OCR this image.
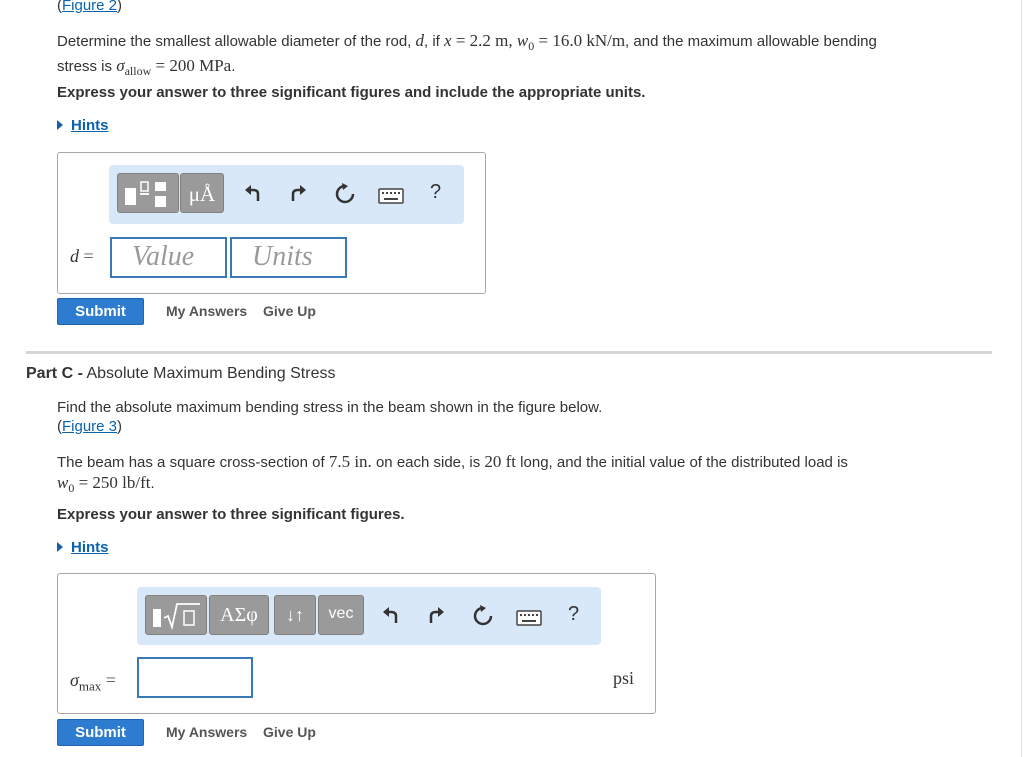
(Figure 2)
Determine the smallest allowable diameter of the rod, d, if x = 2.2 m, $w_0 = 16.0$ kN/m, and the maximum allowable bending
stress is $\sigma_{allow} = 200$ MPa.
Express your answer to three significant figures and include the appropriate units.
Hints
μÅ	?
d =	Value	Units
Submit	My Answers Give Up
Part C - Absolute Maximum Bending Stress
Find the absolute maximum bending stress in the beam shown in the figure below.
(Figure 3)
The beam has a square cross-section of 7.5 in. on each side, is 20 ft long, and the initial value of the distributed load is
$w_0 = 250$ lb/ft.
Express your answer to three significant figures.
Hints
ΑΣφ	↓↑	vec	?
$\sigma_{max}$ =	psi
Submit	My Answers Give Up
